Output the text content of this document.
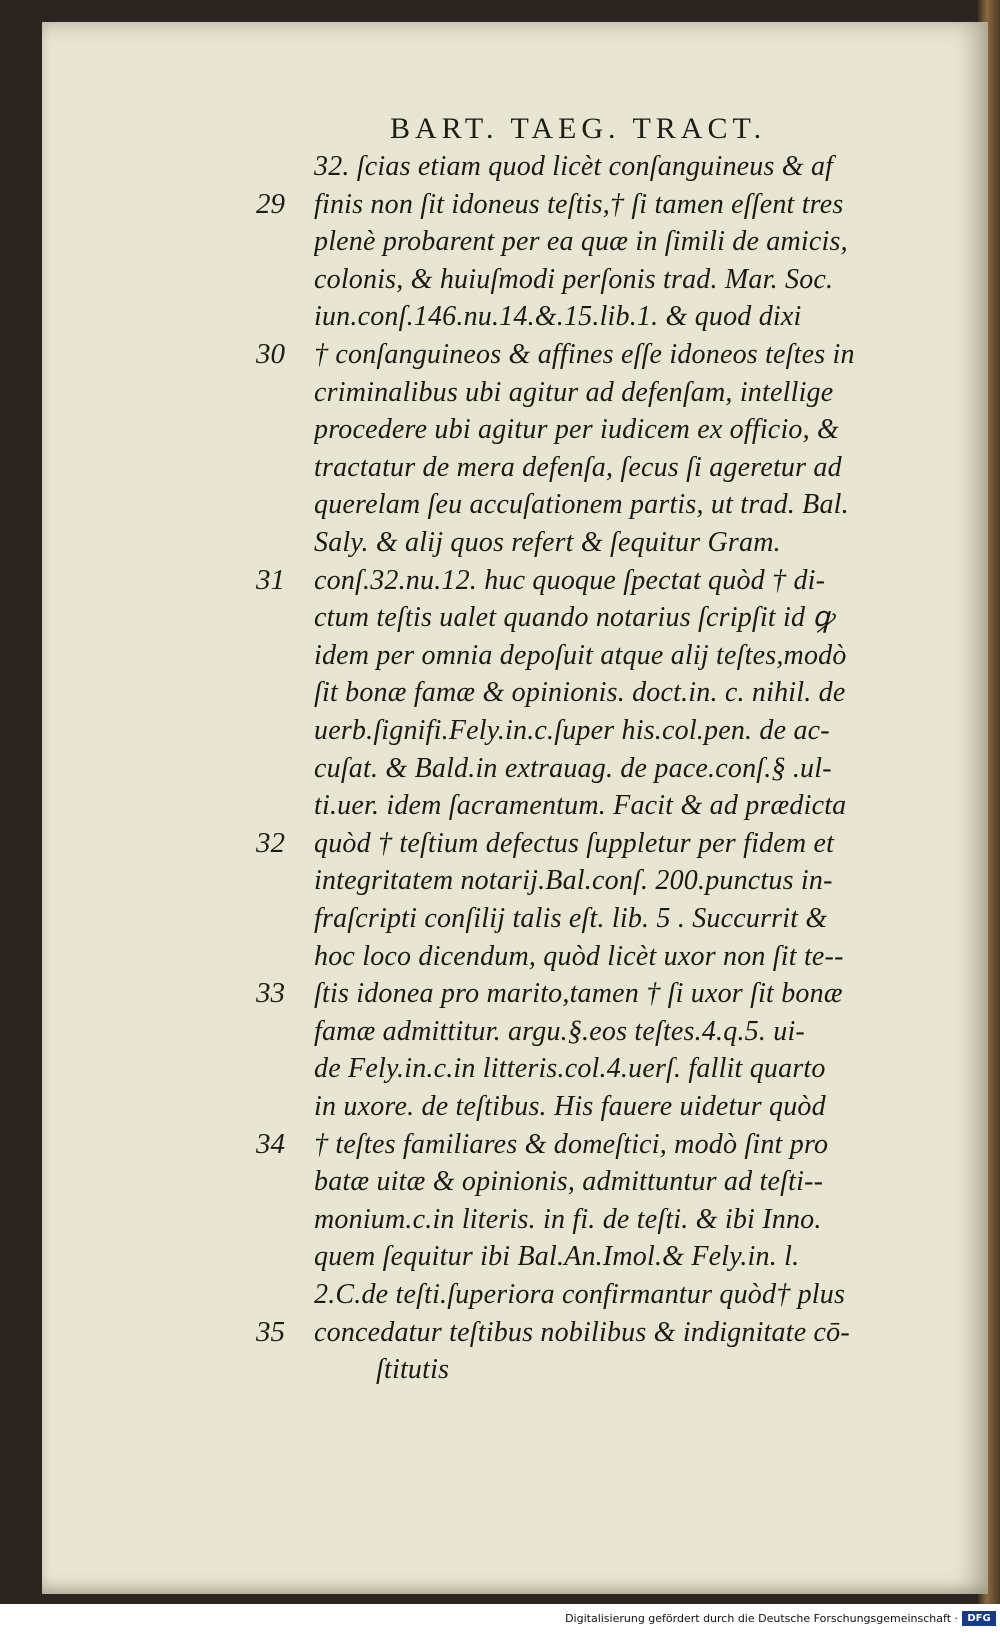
BART. TAEG. TRACT.
29
30
31
32
33
34
35
32. ſcias etiam quod licèt conſanguineus & af
finis non ſit idoneus teſtis,† ſi tamen eſſent tres
plenè probarent per ea quæ in ſimili de amicis,
colonis, & huiuſmodi perſonis trad. Mar. Soc.
iun.conſ.146.nu.14.&.15.lib.1. & quod dixi
† conſanguineos & affines eſſe idoneos teſtes in
criminalibus ubi agitur ad defenſam, intellige
procedere ubi agitur per iudicem ex officio, &
tractatur de mera defenſa, ſecus ſi ageretur ad
querelam ſeu accuſationem partis, ut trad. Bal.
Saly. & alij quos refert & ſequitur Gram.
conſ.32.nu.12. huc quoque ſpectat quòd † di-
ctum teſtis ualet quando notarius ſcripſit id ꝙ
idem per omnia depoſuit atque alij teſtes,modò
ſit bonæ famæ & opinionis. doct.in. c. nihil. de
uerb.ſignifi.Fely.in.c.ſuper his.col.pen. de ac-
cuſat. & Bald.in extrauag. de pace.conſ.§ .ul-
ti.uer. idem ſacramentum. Facit & ad prædicta
quòd † teſtium defectus ſuppletur per fidem et
integritatem notarij.Bal.conſ. 200.punctus in-
fraſcripti conſilij talis eſt. lib. 5 . Succurrit &
hoc loco dicendum, quòd licèt uxor non ſit te--
ſtis idonea pro marito,tamen † ſi uxor ſit bonæ
famæ admittitur. argu.§.eos teſtes.4.q.5. ui-
de Fely.in.c.in litteris.col.4.uerſ. fallit quarto
in uxore. de teſtibus. His fauere uidetur quòd
† teſtes familiares & domeſtici, modò ſint pro
batæ uitæ & opinionis, admittuntur ad teſti--
monium.c.in literis. in fi. de teſti. & ibi Inno.
quem ſequitur ibi Bal.An.Imol.& Fely.in. l.
2.C.de teſti.ſuperiora confirmantur quòd† plus
concedatur teſtibus nobilibus & indignitate cō-
ſtitutis
Digitalisierung gefördert durch die Deutsche Forschungsgemeinschaft · DFG
